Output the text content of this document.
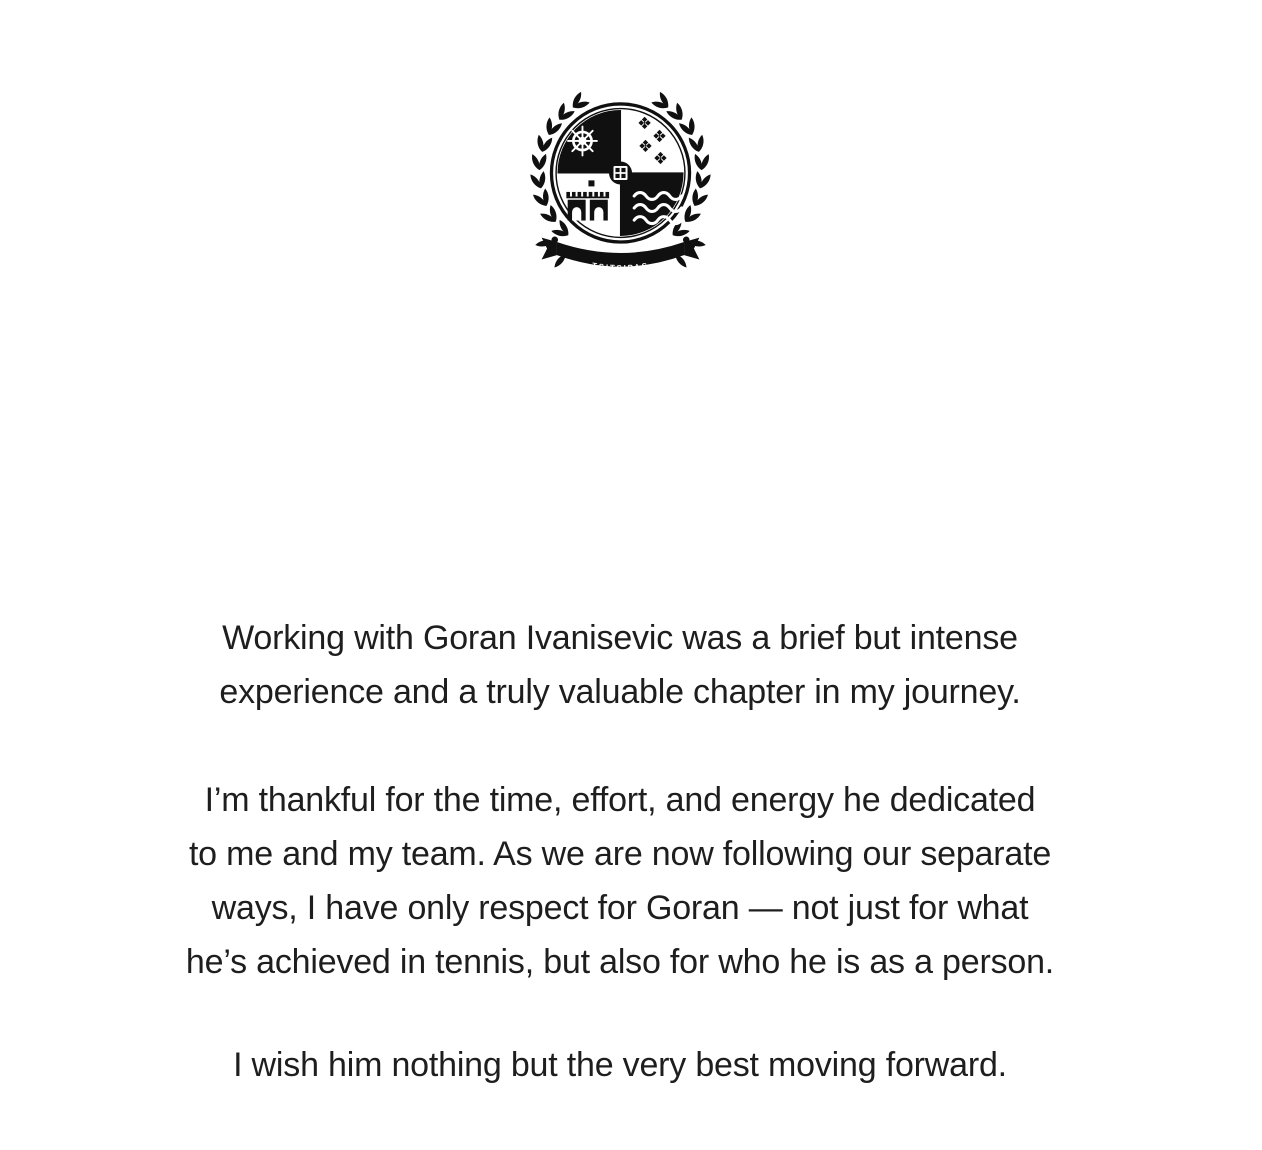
TSITSIPAS
Working with Goran Ivanisevic was a brief but intense
experience and a truly valuable chapter in my journey.
I’m thankful for the time, effort, and energy he dedicated
to me and my team. As we are now following our separate
ways, I have only respect for Goran — not just for what
he’s achieved in tennis, but also for who he is as a person.
I wish him nothing but the very best moving forward.
